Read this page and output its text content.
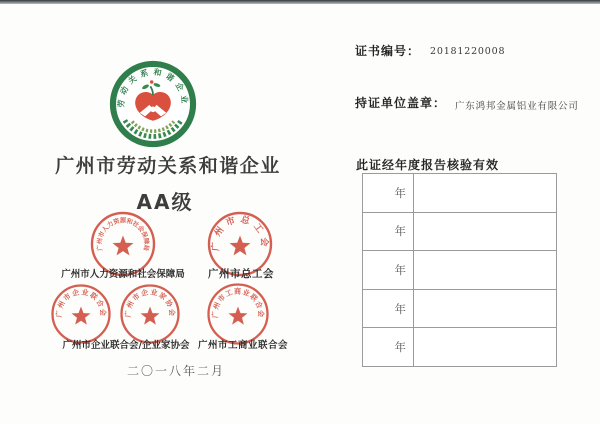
劳动关系和谐企业
广州市劳动关系和谐企业
AA级
广州市人力资源和社会保障局	广州市总工会
广州市企业联合会	广州市企业家协会	广州市工商业联合会
广州市人力资源和社会保障局	广州市总工会
广州市企业联合会/企业家协会 广州市工商业联合会
二〇一八年二月
证书编号： 20181220008
持证单位盖章： 广东鸿邦金属铝业有限公司
此证经年度报告核验有效
年
年
年
年
年
